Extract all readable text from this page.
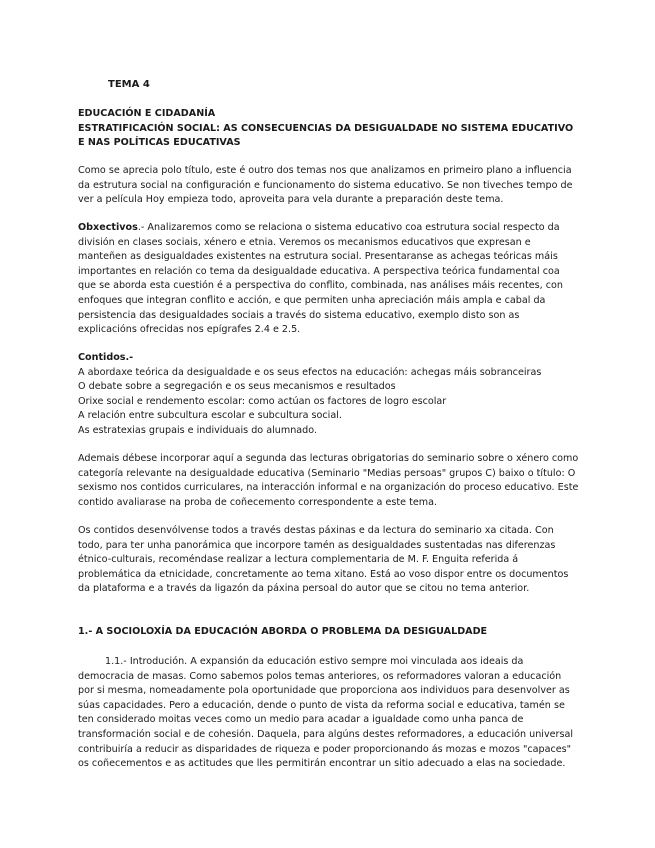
TEMA 4
EDUCACIÓN E CIDADANÍA
ESTRATIFICACIÓN SOCIAL: AS CONSECUENCIAS DA DESIGUALDADE NO SISTEMA EDUCATIVO
E NAS POLÍTICAS EDUCATIVAS

Como se aprecia polo título, este é outro dos temas nos que analizamos en primeiro plano a influencia da estrutura social na configuración e funcionamento do sistema educativo. Se non tiveches tempo de ver a película Hoy empieza todo, aproveita para vela durante a preparación deste tema.

Obxectivos.- Analizaremos como se relaciona o sistema educativo coa estrutura social respecto da división en clases sociais, xénero e etnia. Veremos os mecanismos educativos que expresan e manteñen as desigualdades existentes na estrutura social. Presentaranse as achegas teóricas máis importantes en relación co tema da desigualdade educativa. A perspectiva teórica fundamental coa que se aborda esta cuestión é a perspectiva do conflito, combinada, nas análises máis recentes, con enfoques que integran conflito e acción, e que permiten unha apreciación máis ampla e cabal da persistencia das desigualdades sociais a través do sistema educativo, exemplo disto son as explicacións ofrecidas nos epígrafes 2.4 e 2.5.

Contidos.-
A abordaxe teórica da desigualdade e os seus efectos na educación: achegas máis sobranceiras
O debate sobre a segregación e os seus mecanismos e resultados
Orixe social e rendemento escolar: como actúan os factores de logro escolar
A relación entre subcultura escolar e subcultura social.
As estratexias grupais e individuais do alumnado.

Ademais débese incorporar aquí a segunda das lecturas obrigatorias do seminario sobre o xénero como categoría relevante na desigualdade educativa (Seminario "Medias persoas" grupos C) baixo o título: O sexismo nos contidos curriculares, na interacción informal e na organización do proceso educativo. Este contido avaliarase na proba de coñecemento correspondente a este tema.

Os contidos desenvólvense todos a través destas páxinas e da lectura do seminario xa citada. Con todo, para ter unha panorámica que incorpore tamén as desigualdades sustentadas nas diferenzas étnico-culturais, recoméndase realizar a lectura complementaria de M. F. Enguita referida á problemática da etnicidade, concretamente ao tema xitano. Está ao voso dispor entre os documentos da plataforma e a través da ligazón da páxina persoal do autor que se citou no tema anterior.

1.- A SOCIOLOXÍA DA EDUCACIÓN ABORDA O PROBLEMA DA DESIGUALDADE

1.1.- Introdución. A expansión da educación estivo sempre moi vinculada aos ideais da democracia de masas. Como sabemos polos temas anteriores, os reformadores valoran a educación por si mesma, nomeadamente pola oportunidade que proporciona aos individuos para desenvolver as súas capacidades. Pero a educación, dende o punto de vista da reforma social e educativa, tamén se ten considerado moitas veces como un medio para acadar a igualdade como unha panca de transformación social e de cohesión. Daquela, para algúns destes reformadores, a educación universal contribuiría a reducir as disparidades de riqueza e poder proporcionando ás mozas e mozos "capaces" os coñecementos e as actitudes que lles permitirán encontrar un sitio adecuado a elas na sociedade.
